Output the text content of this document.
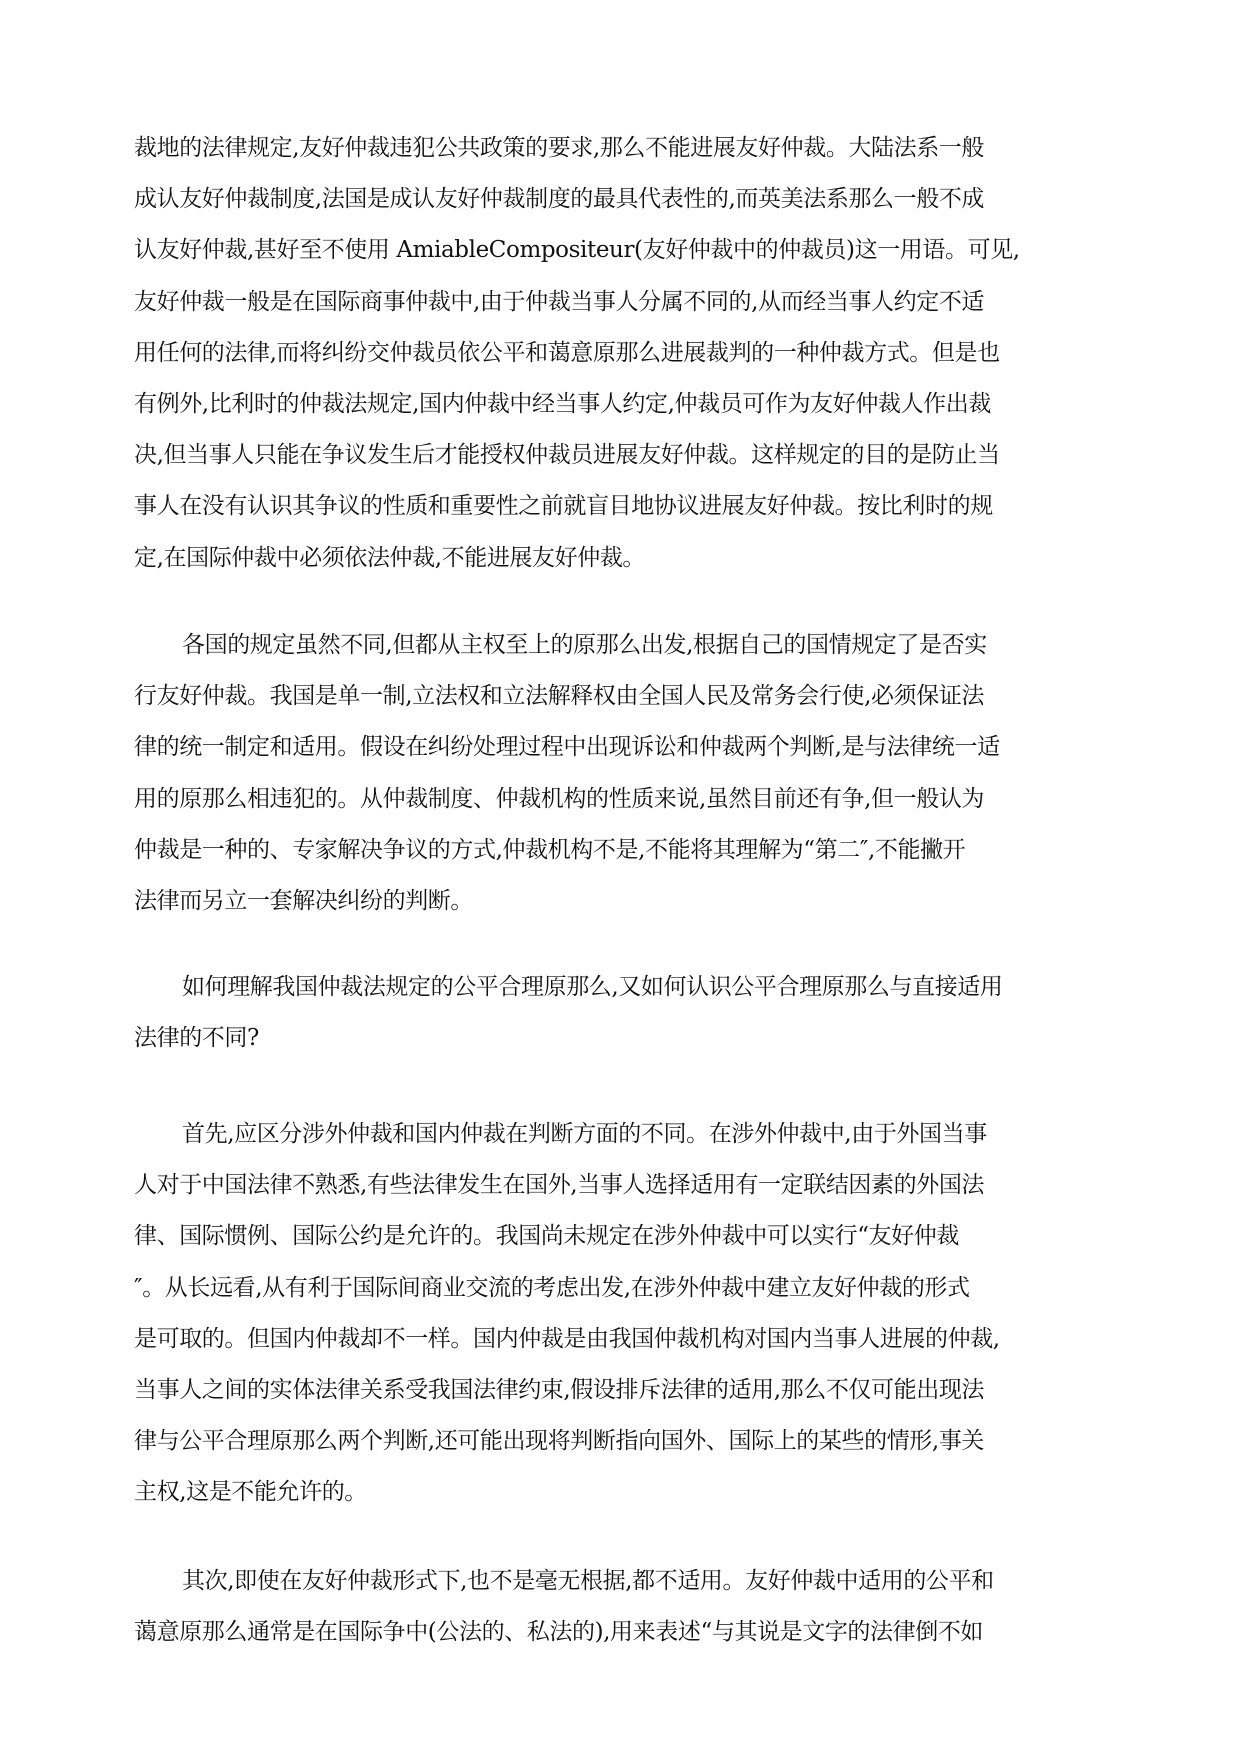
裁地的法律规定,友好仲裁违犯公共政策的要求,那么不能进展友好仲裁。大陆法系一般
成认友好仲裁制度,法国是成认友好仲裁制度的最具代表性的,而英美法系那么一般不成
认友好仲裁,甚好至不使用 AmiableCompositeur(友好仲裁中的仲裁员)这一用语。可见,
友好仲裁一般是在国际商事仲裁中,由于仲裁当事人分属不同的,从而经当事人约定不适
用任何的法律,而将纠纷交仲裁员依公平和蔼意原那么进展裁判的一种仲裁方式。但是也
有例外,比利时的仲裁法规定,国内仲裁中经当事人约定,仲裁员可作为友好仲裁人作出裁
决,但当事人只能在争议发生后才能授权仲裁员进展友好仲裁。这样规定的目的是防止当
事人在没有认识其争议的性质和重要性之前就盲目地协议进展友好仲裁。按比利时的规
定,在国际仲裁中必须依法仲裁,不能进展友好仲裁。
各国的规定虽然不同,但都从主权至上的原那么出发,根据自己的国情规定了是否实
行友好仲裁。我国是单一制,立法权和立法解释权由全国人民及常务会行使,必须保证法
律的统一制定和适用。假设在纠纷处理过程中出现诉讼和仲裁两个判断,是与法律统一适
用的原那么相违犯的。从仲裁制度、仲裁机构的性质来说,虽然目前还有争,但一般认为
仲裁是一种的、专家解决争议的方式,仲裁机构不是,不能将其理解为“第二″,不能撇开
法律而另立一套解决纠纷的判断。
如何理解我国仲裁法规定的公平合理原那么,又如何认识公平合理原那么与直接适用
法律的不同?
首先,应区分涉外仲裁和国内仲裁在判断方面的不同。在涉外仲裁中,由于外国当事
人对于中国法律不熟悉,有些法律发生在国外,当事人选择适用有一定联结因素的外国法
律、国际惯例、国际公约是允许的。我国尚未规定在涉外仲裁中可以实行“友好仲裁
″。从长远看,从有利于国际间商业交流的考虑出发,在涉外仲裁中建立友好仲裁的形式
是可取的。但国内仲裁却不一样。国内仲裁是由我国仲裁机构对国内当事人进展的仲裁,
当事人之间的实体法律关系受我国法律约束,假设排斥法律的适用,那么不仅可能出现法
律与公平合理原那么两个判断,还可能出现将判断指向国外、国际上的某些的情形,事关
主权,这是不能允许的。
其次,即使在友好仲裁形式下,也不是毫无根据,都不适用。友好仲裁中适用的公平和
蔼意原那么通常是在国际争中(公法的、私法的),用来表述“与其说是文字的法律倒不如
